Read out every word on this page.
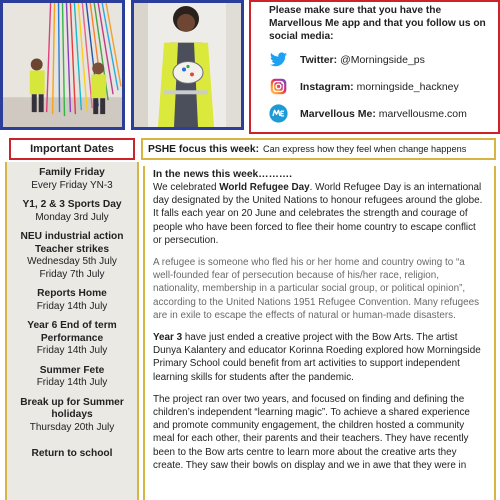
Please make sure that you have the Marvellous Me app and that you follow us on social media:
Twitter: @Morningside_ps
Instagram: morningside_hackney
Marvellous Me: marvellousme.com
Important Dates
Family Friday
Every Friday YN-3
Y1, 2 & 3 Sports Day
Monday 3rd July
NEU industrial action Teacher strikes
Wednesday 5th July
Friday 7th July
Reports Home
Friday 14th July
Year 6 End of term Performance
Friday 14th July
Summer Fete
Friday 14th July
Break up for Summer holidays
Thursday 20th July
Return to school
PSHE focus this week: Can express how they feel when change happens
In the news this week……….

We celebrated World Refugee Day. World Refugee Day is an international day designated by the United Nations to honour refugees around the globe. It falls each year on 20 June and celebrates the strength and courage of people who have been forced to flee their home country to escape conflict or persecution.

A refugee is someone who fled his or her home and country owing to “a well-founded fear of persecution because of his/her race, religion, nationality, membership in a particular social group, or political opinion”, according to the United Nations 1951 Refugee Convention. Many refugees are in exile to escape the effects of natural or human-made disasters.

Year 3 have just ended a creative project with the Bow Arts. The artist Dunya Kalantery and educator Korinna Roeding explored how Morningside Primary School could benefit from art activities to support independent learning skills for students after the pandemic.

The project ran over two years, and focused on finding and defining the children’s independent “learning magic”. To achieve a shared experience and promote community engagement, the children hosted a community meal for each other, their parents and their teachers. They have recently been to the Bow arts centre to learn more about the creative arts they create. They saw their bowls on display and we in awe that they were in
